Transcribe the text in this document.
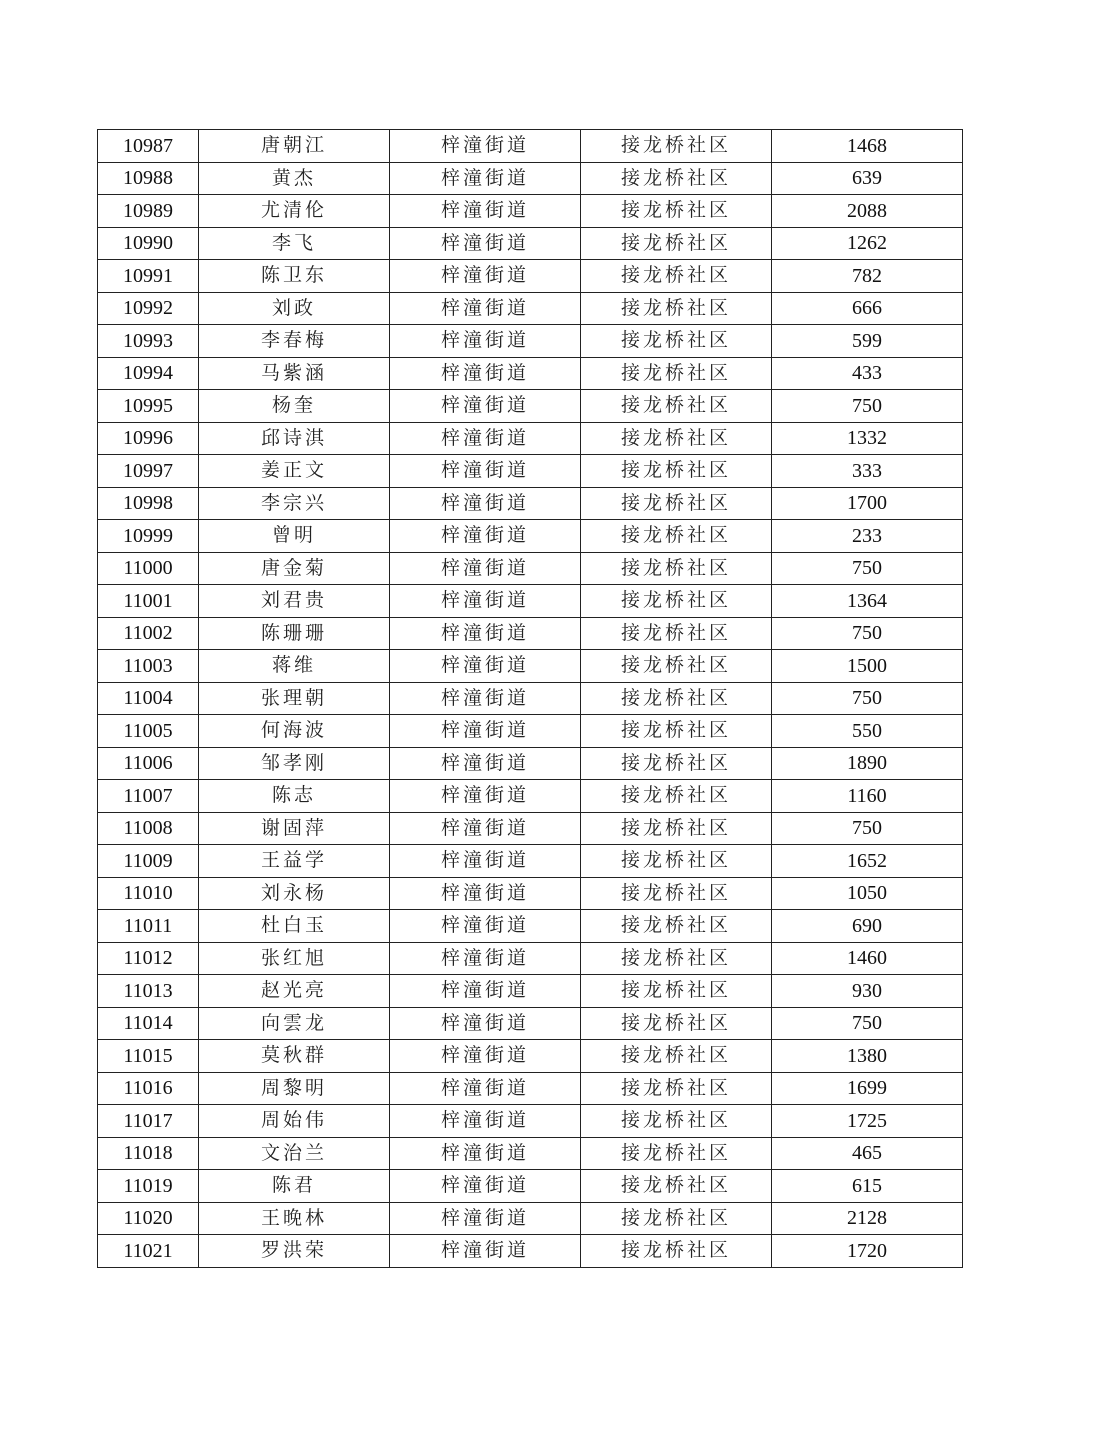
10987	唐朝江	梓潼街道	接龙桥社区	1468
10988	黄杰	梓潼街道	接龙桥社区	639
10989	尤清伦	梓潼街道	接龙桥社区	2088
10990	李飞	梓潼街道	接龙桥社区	1262
10991	陈卫东	梓潼街道	接龙桥社区	782
10992	刘政	梓潼街道	接龙桥社区	666
10993	李春梅	梓潼街道	接龙桥社区	599
10994	马紫涵	梓潼街道	接龙桥社区	433
10995	杨奎	梓潼街道	接龙桥社区	750
10996	邱诗淇	梓潼街道	接龙桥社区	1332
10997	姜正文	梓潼街道	接龙桥社区	333
10998	李宗兴	梓潼街道	接龙桥社区	1700
10999	曾明	梓潼街道	接龙桥社区	233
11000	唐金菊	梓潼街道	接龙桥社区	750
11001	刘君贵	梓潼街道	接龙桥社区	1364
11002	陈珊珊	梓潼街道	接龙桥社区	750
11003	蒋维	梓潼街道	接龙桥社区	1500
11004	张理朝	梓潼街道	接龙桥社区	750
11005	何海波	梓潼街道	接龙桥社区	550
11006	邹孝刚	梓潼街道	接龙桥社区	1890
11007	陈志	梓潼街道	接龙桥社区	1160
11008	谢固萍	梓潼街道	接龙桥社区	750
11009	王益学	梓潼街道	接龙桥社区	1652
11010	刘永杨	梓潼街道	接龙桥社区	1050
11011	杜白玉	梓潼街道	接龙桥社区	690
11012	张红旭	梓潼街道	接龙桥社区	1460
11013	赵光亮	梓潼街道	接龙桥社区	930
11014	向雲龙	梓潼街道	接龙桥社区	750
11015	莫秋群	梓潼街道	接龙桥社区	1380
11016	周黎明	梓潼街道	接龙桥社区	1699
11017	周始伟	梓潼街道	接龙桥社区	1725
11018	文治兰	梓潼街道	接龙桥社区	465
11019	陈君	梓潼街道	接龙桥社区	615
11020	王晚林	梓潼街道	接龙桥社区	2128
11021	罗洪荣	梓潼街道	接龙桥社区	1720
